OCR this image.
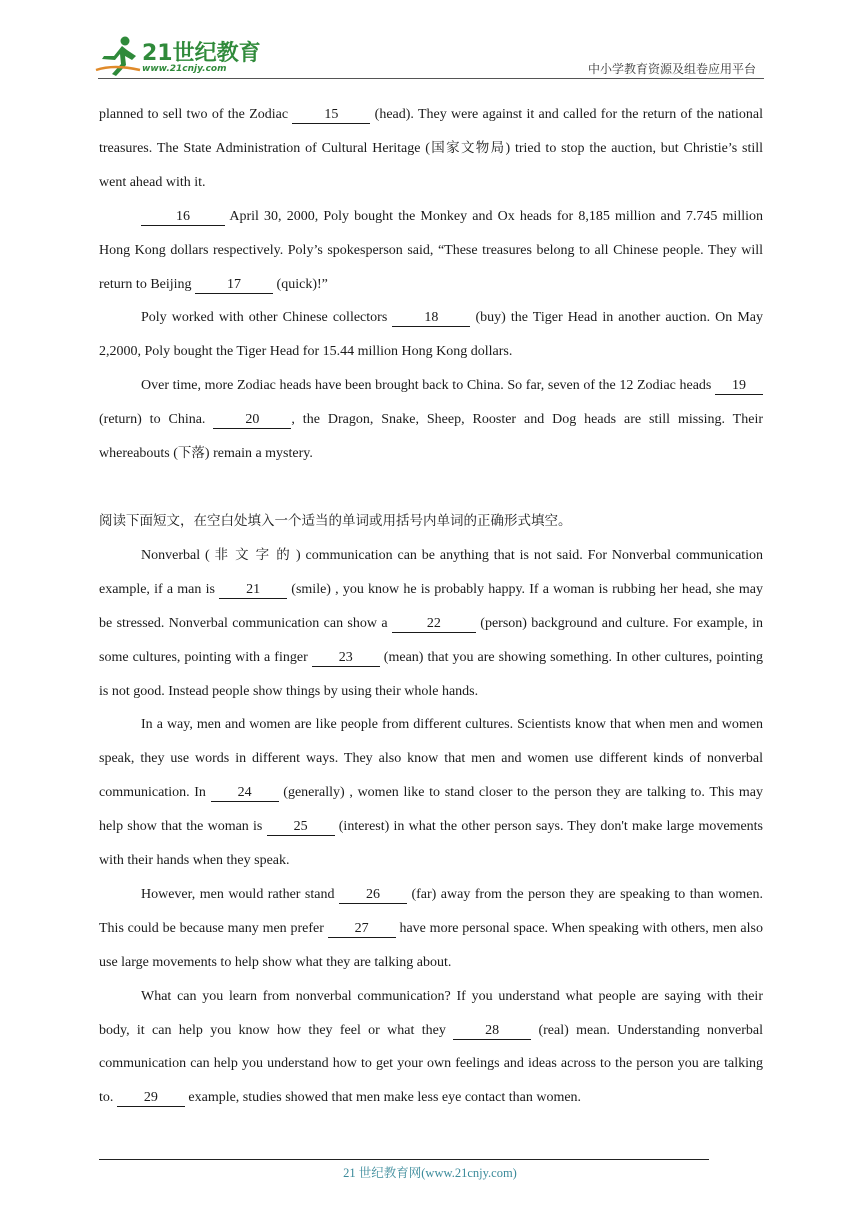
21世纪教育
www.21cnjy.com	中小学教育资源及组卷应用平台

planned to sell two of the Zodiac 15 (head). They were against it and called for the return of the national treasures. The State Administration of Cultural Heritage (国家文物局) tried to stop the auction, but Christie’s still went ahead with it.

16	April 30, 2000, Poly bought the Monkey and Ox heads for 8,185 million and 7.745 million Hong Kong dollars respectively. Poly’s spokesperson said, “These treasures belong to all Chinese people. They will return to Beijing 17 (quick)!”

Poly worked with other Chinese collectors 18 (buy) the Tiger Head in another auction. On May 2,2000, Poly bought the Tiger Head for 15.44 million Hong Kong dollars.

Over time, more Zodiac heads have been brought back to China. So far, seven of the 12 Zodiac heads 19 (return) to China. 20 , the Dragon, Snake, Sheep, Rooster and Dog heads are still missing. Their whereabouts (下落) remain a mystery.

阅读下面短文，在空白处填入一个适当的单词或用括号内单词的正确形式填空。

Nonverbal ( 非 文 字 的 ) communication can be anything that is not said. For Nonverbal communication example, if a man is 21 (smile) , you know he is probably happy. If a woman is rubbing her head, she may be stressed. Nonverbal communication can show a	22	(person) background and culture. For example, in some cultures, pointing with a finger 23 (mean) that you are showing something. In other cultures, pointing is not good. Instead people show things by using their whole hands.

In a way, men and women are like people from different cultures. Scientists know that when men and women speak, they use words in different ways. They also know that men and women use different kinds of nonverbal communication. In 24 (generally) , women like to stand closer to the person they are talking to. This may help show that the woman is 25 (interest) in what the other person says. They don't make large movements with their hands when they speak.

However, men would rather stand 26 (far) away from the person they are speaking to than women. This could be because many men prefer 27 have more personal space. When speaking with others, men also use large movements to help show what they are talking about.

What can you learn from nonverbal communication? If you understand what people are saying with their body, it can help you know how they feel or what they 28 (real) mean. Understanding nonverbal communication can help you understand how to get your own feelings and ideas across to the person you are talking to. 29 example, studies showed that men make less eye contact than women.

21 世纪教育网(www.21cnjy.com)
